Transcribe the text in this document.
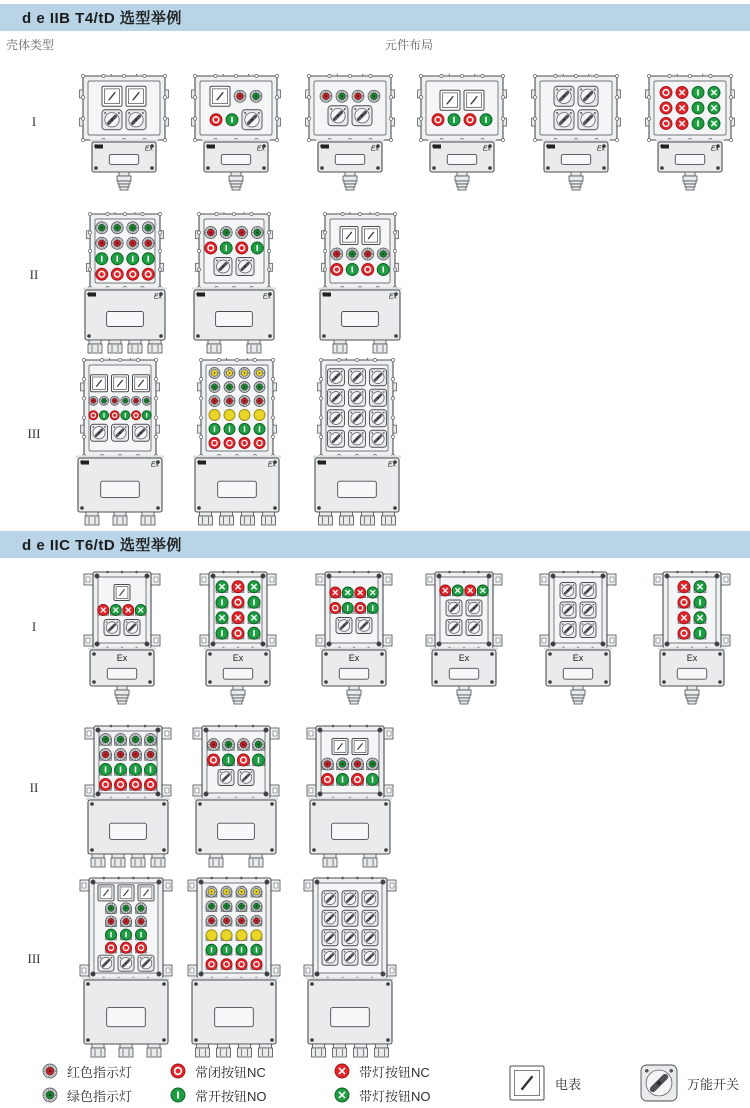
d e IIB T4/tD 选型举例
壳体类型	元件布局
d e IIC T6/tD 选型举例
I
Ex	Ex	Ex	Ex	Ex	Ex
II
Ex	Ex	Ex
III
Ex	Ex	Ex
I
Ex	Ex	Ex	Ex	Ex	Ex
II
III
红色指示灯
绿色指示灯
常闭按钮NC
常开按钮NO
带灯按钮NC
带灯按钮NO
电表	万能开关
